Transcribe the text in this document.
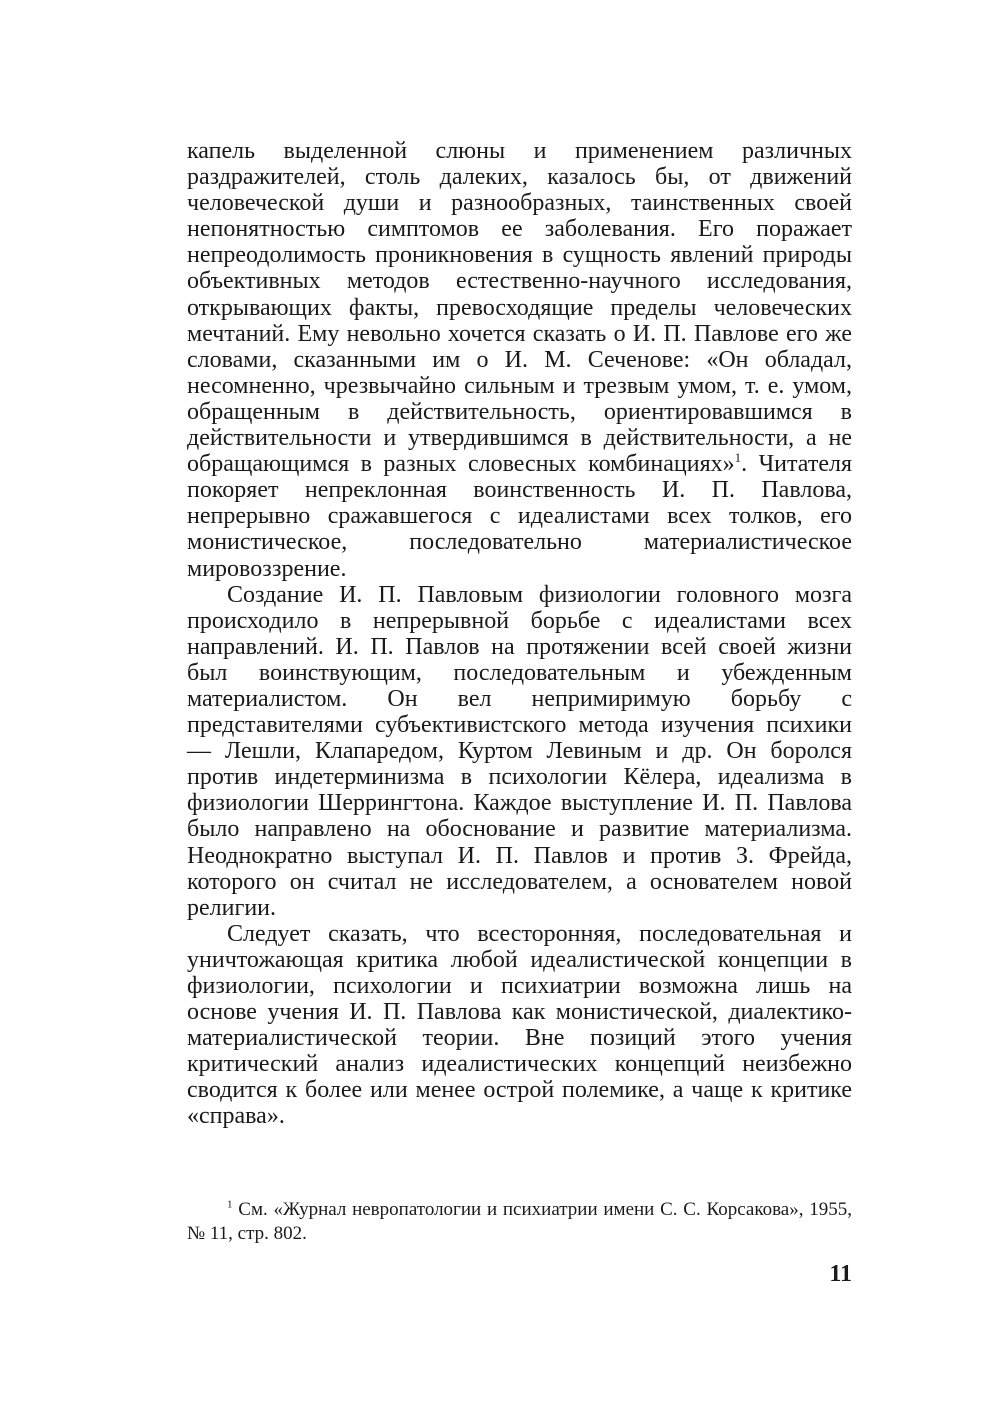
капель выделенной слюны и применением различных раздражителей, столь далеких, казалось бы, от движений человеческой души и разнообразных, таинственных своей непонятностью симптомов ее заболевания. Его поражает непреодолимость проникновения в сущность явлений природы объективных методов естественно-научного исследования, открывающих факты, превосходящие пределы человеческих мечтаний. Ему невольно хочется сказать о И. П. Павлове его же словами, сказанными им о И. М. Сеченове: «Он обладал, несомненно, чрезвычайно сильным и трезвым умом, т. е. умом, обращенным в действительность, ориентировавшимся в действительности и утвердившимся в действительности, а не обращающимся в разных словесных комбинациях»$^1$. Читателя покоряет непреклонная воинственность И. П. Павлова, непрерывно сражавшегося с идеалистами всех толков, его монистическое, последовательно материалистическое мировоззрение.

Создание И. П. Павловым физиологии головного мозга происходило в непрерывной борьбе с идеалистами всех направлений. И. П. Павлов на протяжении всей своей жизни был воинствующим, последовательным и убежденным материалистом. Он вел непримиримую борьбу с представителями субъективистского метода изучения психики — Лешли, Клапаредом, Куртом Левиным и др. Он боролся против индетерминизма в психологии Кёлера, идеализма в физиологии Шеррингтона. Каждое выступление И. П. Павлова было направлено на обоснование и развитие материализма. Неоднократно выступал И. П. Павлов и против З. Фрейда, которого он считал не исследователем, а основателем новой религии.

Следует сказать, что всесторонняя, последовательная и уничтожающая критика любой идеалистической концепции в физиологии, психологии и психиатрии возможна лишь на основе учения И. П. Павлова как монистической, диалектико-материалистической теории. Вне позиций этого учения критический анализ идеалистических концепций неизбежно сводится к более или менее острой полемике, а чаще к критике «справа».

$^1$ См. «Журнал невропатологии и психиатрии имени С. С. Корсакова», 1955, № 11, стр. 802.

11
